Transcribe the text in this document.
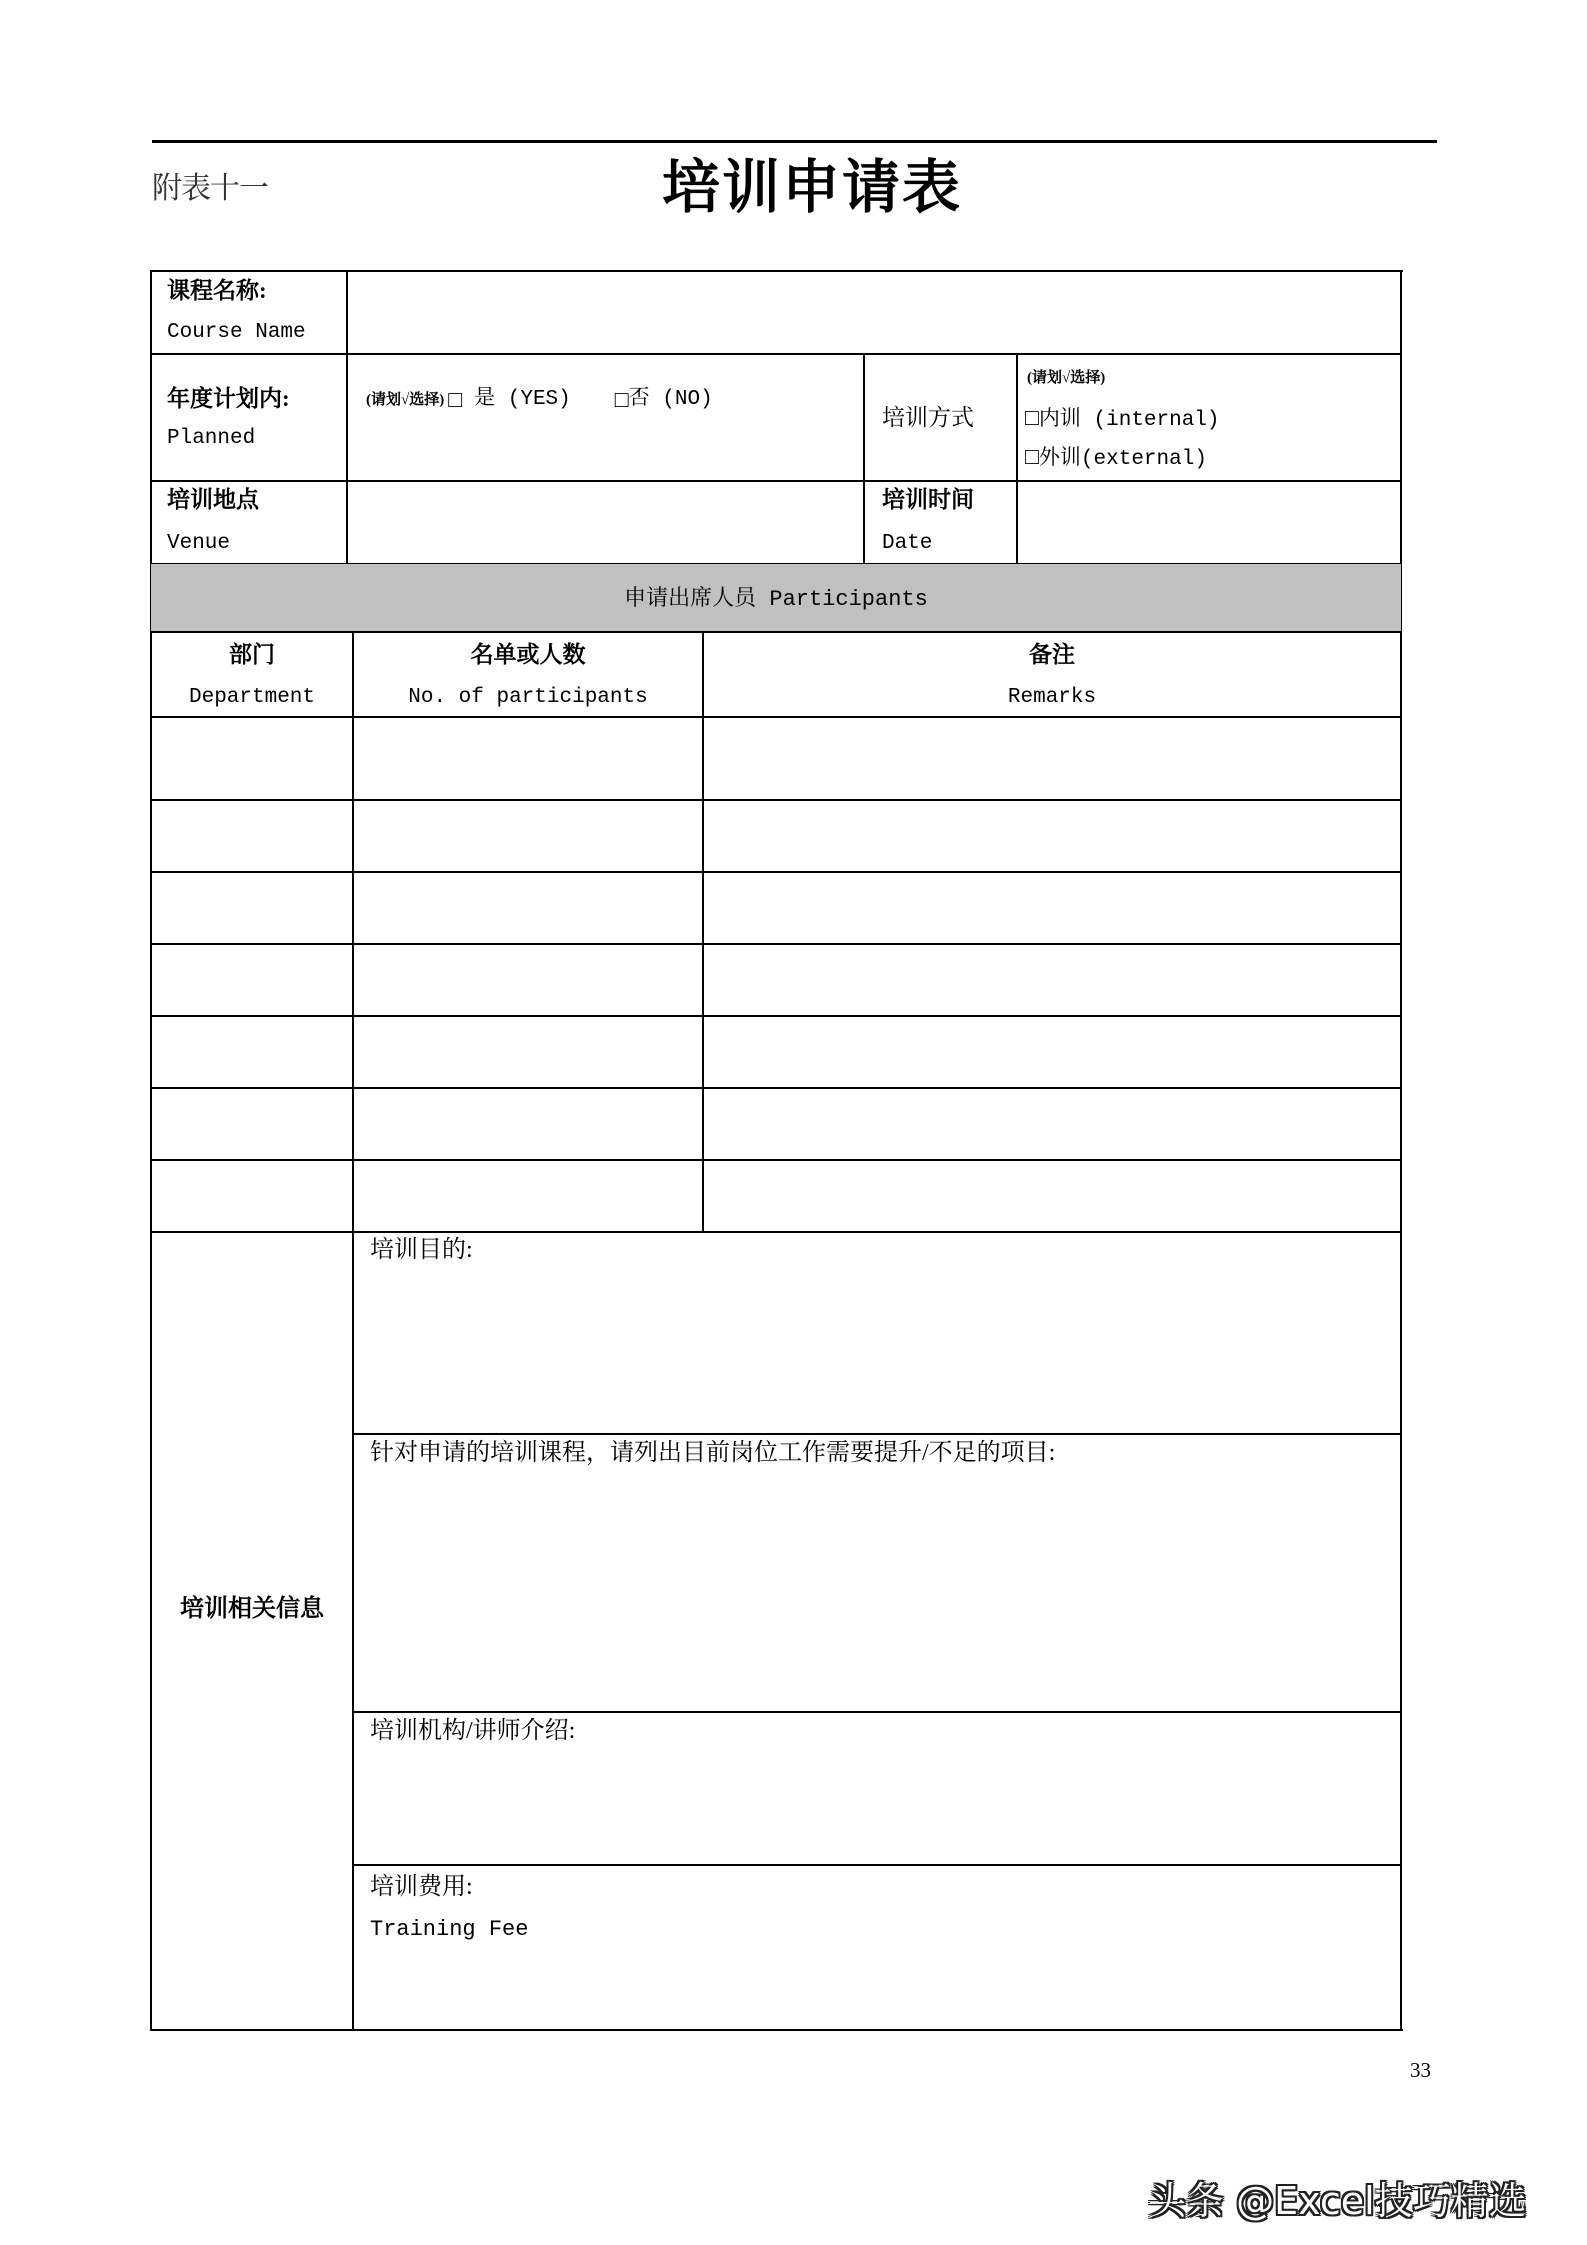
附表十一	培训申请表
课程名称:
Course Name
年度计划内:
Planned
(请划√选择) □ 是 (YES) □ 否 (NO)
培训方式
(请划√选择)
□内训 (internal)
□外训(external)
培训地点
Venue
培训时间
Date
申请出席人员 Participants
部门
Department
名单或人数
No. of participants
备注
Remarks
培训相关信息
培训目的:
针对申请的培训课程，请列出目前岗位工作需要提升/不足的项目:
培训机构/讲师介绍:
培训费用:
Training Fee
33
头条 @Excel技巧精选
